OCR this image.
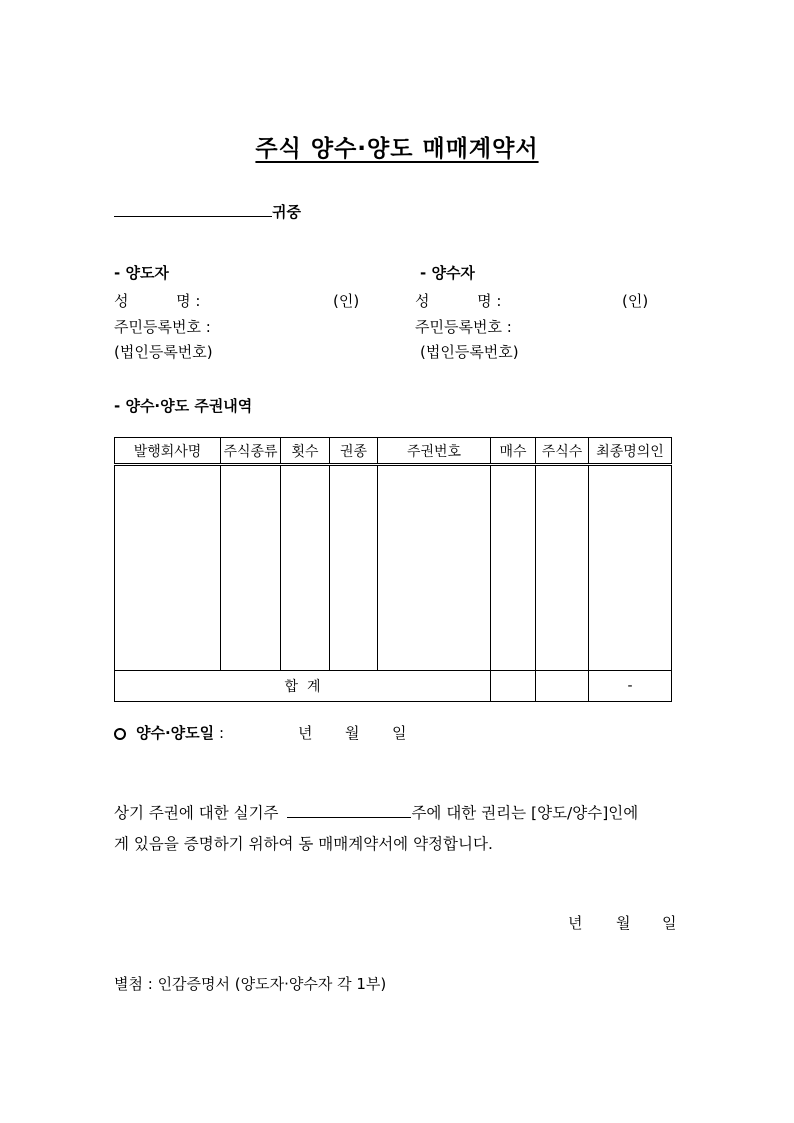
주식 양수·양도 매매계약서
귀중
- 양도자
성          명 :	(인)
주민등록번호 :
(법인등록번호)
- 양수자
성          명 :	(인)
주민등록번호 :
(법인등록번호)
- 양수·양도 주권내역
발행회사명	주식종류	횟수	권종	주권번호	매수	주식수	최종명의인

합  계							-
양수·양도일 :	년 월 일
상기 주권에 대한 실기주	주에 대한 권리는 [양도/양수]인에
게 있음을 증명하기 위하여 동 매매계약서에 약정합니다.
년 월 일
별첨 : 인감증명서 (양도자·양수자 각 1부)
